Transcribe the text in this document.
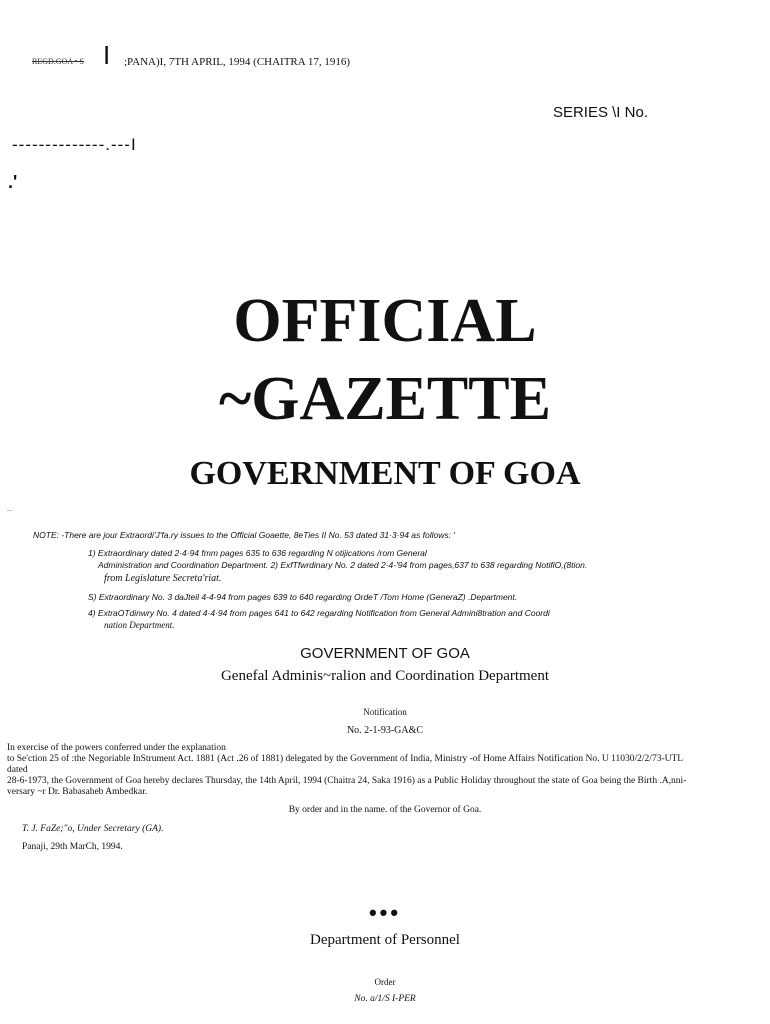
REGD.GOA • S I ;PANA)I, 7TH APRIL, 1994 (CHAITRA 17, 1916)
SERIES \I No.
--------------.---I
.'
OFFICIAL
~GAZETTE
GOVERNMENT OF GOA
...
NOTE: -There are jour Extraordi'J'fa.ry issues to the Official Goaette, 8eTies II No. 53 dated 31·3·94 as follows: '
1) Extraordinary dated 2·4·94 fmm pages 635 to 636 regarding N otijications /rom General
Administration and Coordination Department. 2) ExfTfwrdinary No. 2 dated 2·4-'94 from pages,637 to 638 regarding NotifiO,(8tion.
from Legislature Secreta'riat.
S) Extraordinary No. 3 daJteil 4-4-94 from pages 639 to 640 regarding OrdeT /Tom Home (GeneraZ) .Department.
4) ExtraOTdinwry No. 4 dated 4·4·94 from pages 641 to 642 regarding Notification from General Admini8tration and Coordi
nation Department.
GOVERNMENT OF GOA
Genefal Adminis~ralion and Coordination Department
Notification
No. 2-1-93-GA&C
In exercise of the powers conferred under the explanation
to Se'ction 25 of :the Negoriable InStrument Act. 1881 (Act .26 of 1881) delegated by the Government of India, Ministry -of Home Affairs Notification No. U 11030/2/2/73-UTL
dated
28-6-1973, the Government of Goa hereby declares Thursday, the 14th April, 1994 (Chaitra 24, Saka 1916) as a Public Holiday throughout the state of Goa being the Birth .A,nni-
versary ~r Dr. Babasaheb Ambedkar.
By order and in the name. of the Governor of Goa.
T. J. FaZe;"o, Under Secretary (GA).
Panaji, 29th MarCh, 1994.
•••
Department of Personnel
Order
No. a/1/S I-PER
